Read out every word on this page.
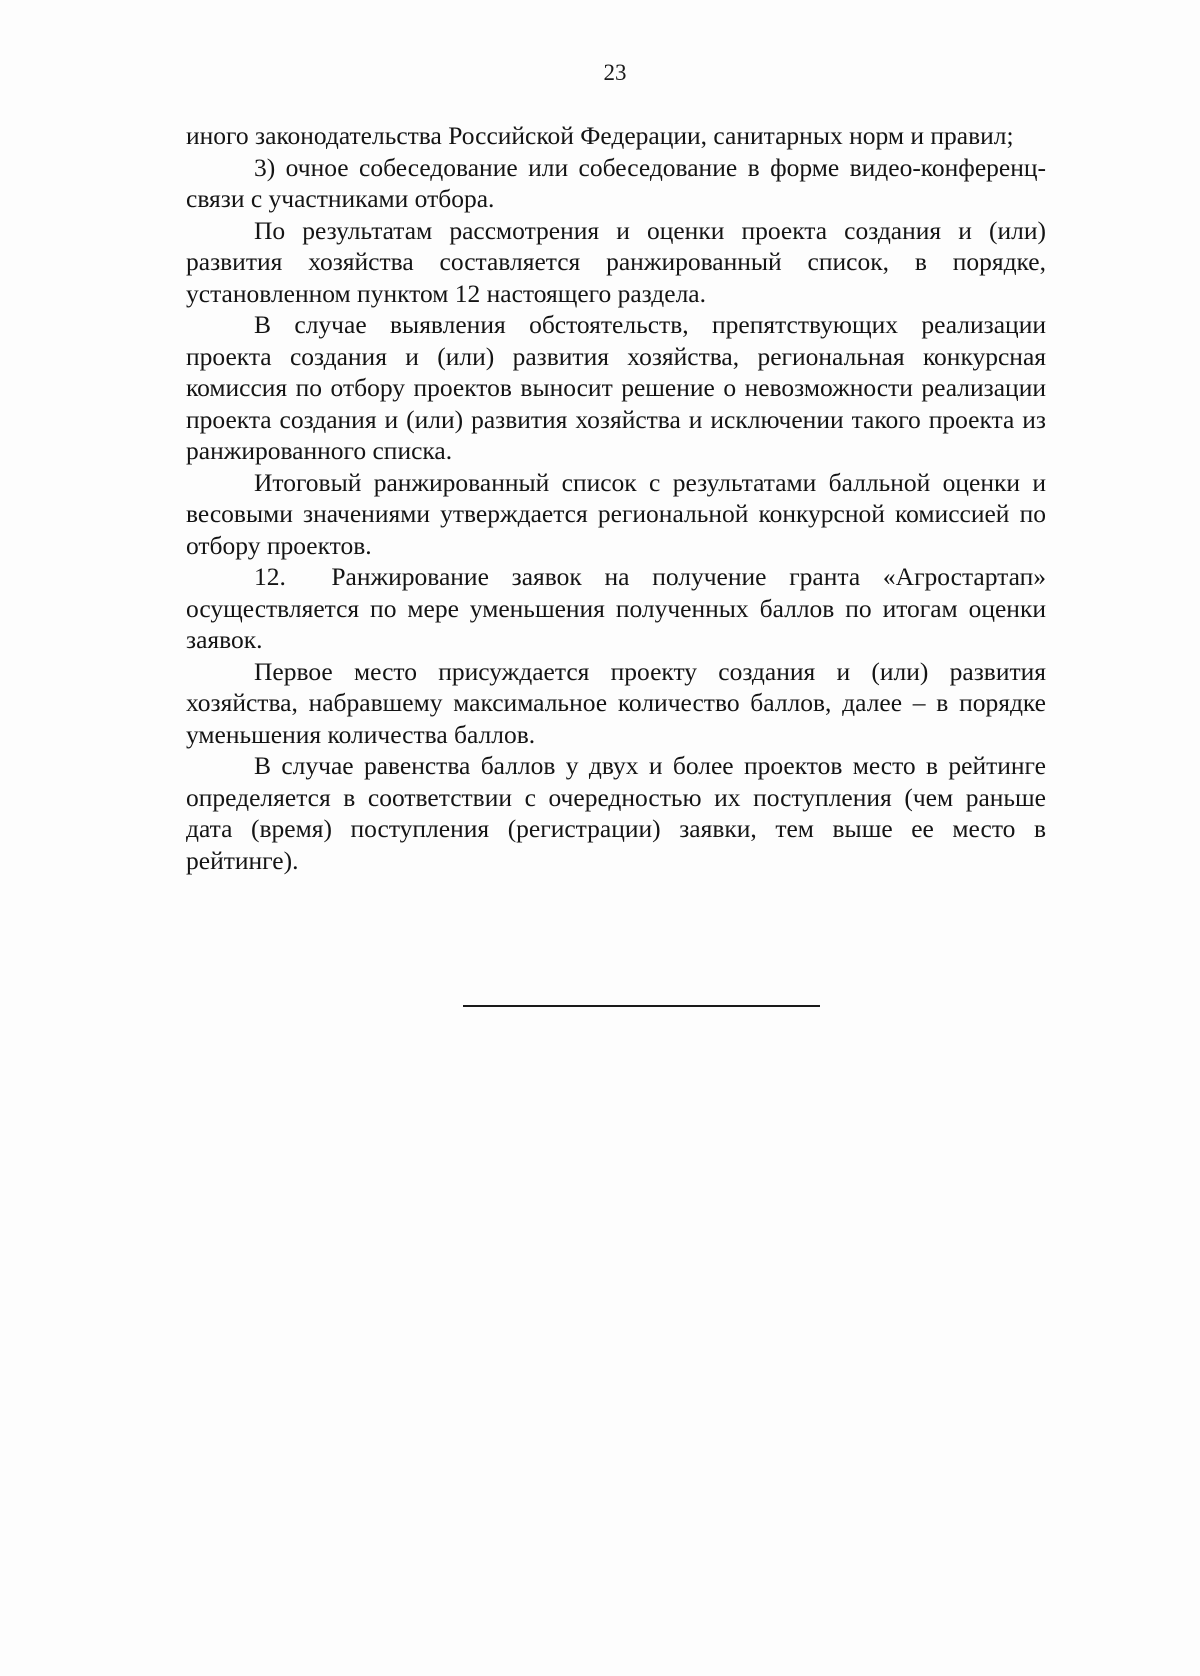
23

иного законодательства Российской Федерации, санитарных норм и правил;

3) очное собеседование или собеседование в форме видео-конференц-связи с участниками отбора.

По результатам рассмотрения и оценки проекта создания и (или) развития хозяйства составляется ранжированный список, в порядке, установленном пунктом 12 настоящего раздела.

В случае выявления обстоятельств, препятствующих реализации проекта создания и (или) развития хозяйства, региональная конкурсная комиссия по отбору проектов выносит решение о невозможности реализации проекта создания и (или) развития хозяйства и исключении такого проекта из ранжированного списка.

Итоговый ранжированный список с результатами балльной оценки и весовыми значениями утверждается региональной конкурсной комиссией по отбору проектов.

12.  Ранжирование заявок на получение гранта «Агростартап» осуществляется по мере уменьшения полученных баллов по итогам оценки заявок.

Первое место присуждается проекту создания и (или) развития хозяйства, набравшему максимальное количество баллов, далее – в порядке уменьшения количества баллов.

В случае равенства баллов у двух и более проектов место в рейтинге определяется в соответствии с очередностью их поступления (чем раньше дата (время) поступления (регистрации) заявки, тем выше ее место в рейтинге).
